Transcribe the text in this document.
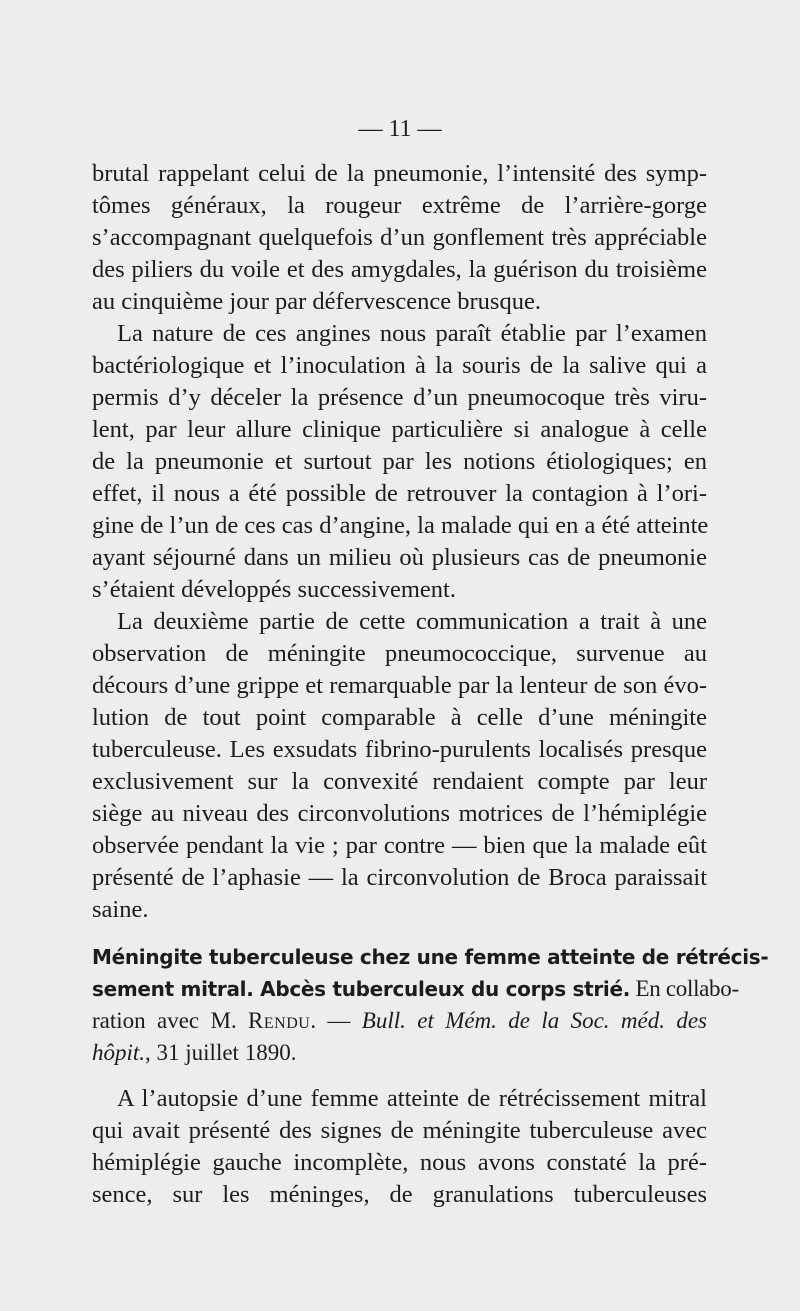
— 11 —
brutal rappelant celui de la pneumonie, l’intensité des symp-
tômes généraux, la rougeur extrême de l’arrière-gorge
s’accompagnant quelquefois d’un gonflement très appréciable
des piliers du voile et des amygdales, la guérison du troisième
au cinquième jour par défervescence brusque.
La nature de ces angines nous paraît établie par l’examen
bactériologique et l’inoculation à la souris de la salive qui a
permis d’y déceler la présence d’un pneumocoque très viru-
lent, par leur allure clinique particulière si analogue à celle
de la pneumonie et surtout par les notions étiologiques; en
effet, il nous a été possible de retrouver la contagion à l’ori-
gine de l’un de ces cas d’angine, la malade qui en a été atteinte
ayant séjourné dans un milieu où plusieurs cas de pneumonie
s’étaient développés successivement.
La deuxième partie de cette communication a trait à une
observation de méningite pneumococcique, survenue au
décours d’une grippe et remarquable par la lenteur de son évo-
lution de tout point comparable à celle d’une méningite
tuberculeuse. Les exsudats fibrino-purulents localisés presque
exclusivement sur la convexité rendaient compte par leur
siège au niveau des circonvolutions motrices de l’hémiplégie
observée pendant la vie ; par contre — bien que la malade eût
présenté de l’aphasie — la circonvolution de Broca paraissait
saine.
Méningite tuberculeuse chez une femme atteinte de rétrécis-
sement mitral. Abcès tuberculeux du corps strié. En collabo-
ration avec M. Rendu. — Bull. et Mém. de la Soc. méd. des
hôpit., 31 juillet 1890.
A l’autopsie d’une femme atteinte de rétrécissement mitral
qui avait présenté des signes de méningite tuberculeuse avec
hémiplégie gauche incomplète, nous avons constaté la pré-
sence, sur les méninges, de granulations tuberculeuses
